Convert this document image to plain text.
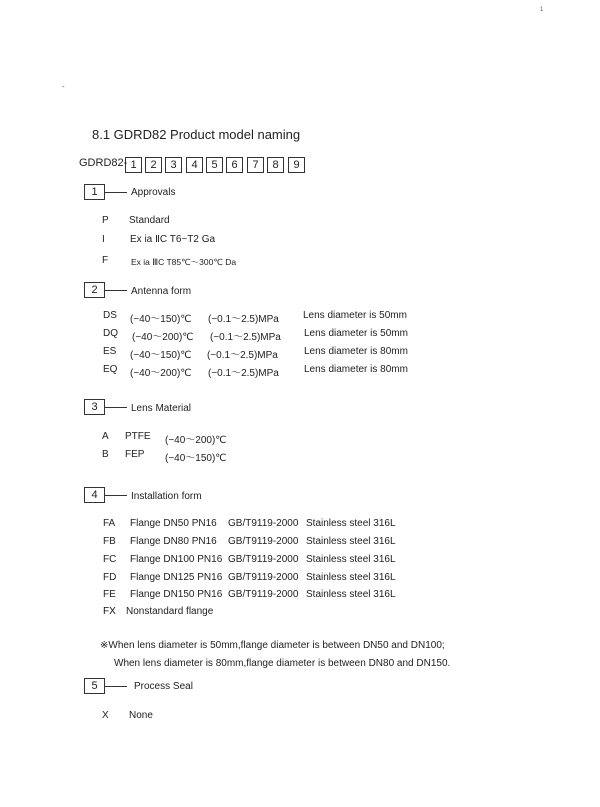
1
-
8.1 GDRD82 Product model naming
GDRD82- 1	2	3	4	5	6	7	8	9
1	Approvals
P Standard
I	Ex ia ⅡC T6~T2 Ga
F	Ex ia ⅢC T85℃〜300℃ Da
2	Antenna form
DS (−40〜150)℃ (−0.1〜2.5)MPa Lens diameter is 50mm
DQ (−40〜200)℃ (−0.1〜2.5)MPa Lens diameter is 50mm
ES (−40〜150)℃ (−0.1〜2.5)MPa	Lens diameter is 80mm
EQ (−40〜200)℃ (−0.1〜2.5)MPa	Lens diameter is 80mm
3	Lens Material
A PTFE (−40〜200)℃
B FEP (−40〜150)℃
4	Installation form
FA Flange DN50 PN16 GB/T9119-2000 Stainless steel 316L
FB Flange DN80 PN16 GB/T9119-2000 Stainless steel 316L
FC Flange DN100 PN16 GB/T9119-2000 Stainless steel 316L
FD Flange DN125 PN16 GB/T9119-2000 Stainless steel 316L
FE Flange DN150 PN16 GB/T9119-2000 Stainless steel 316L
FX Nonstandard flange
※When lens diameter is 50mm,flange diameter is between DN50 and DN100;
When lens diameter is 80mm,flange diameter is between DN80 and DN150.
5	Process Seal
X None
